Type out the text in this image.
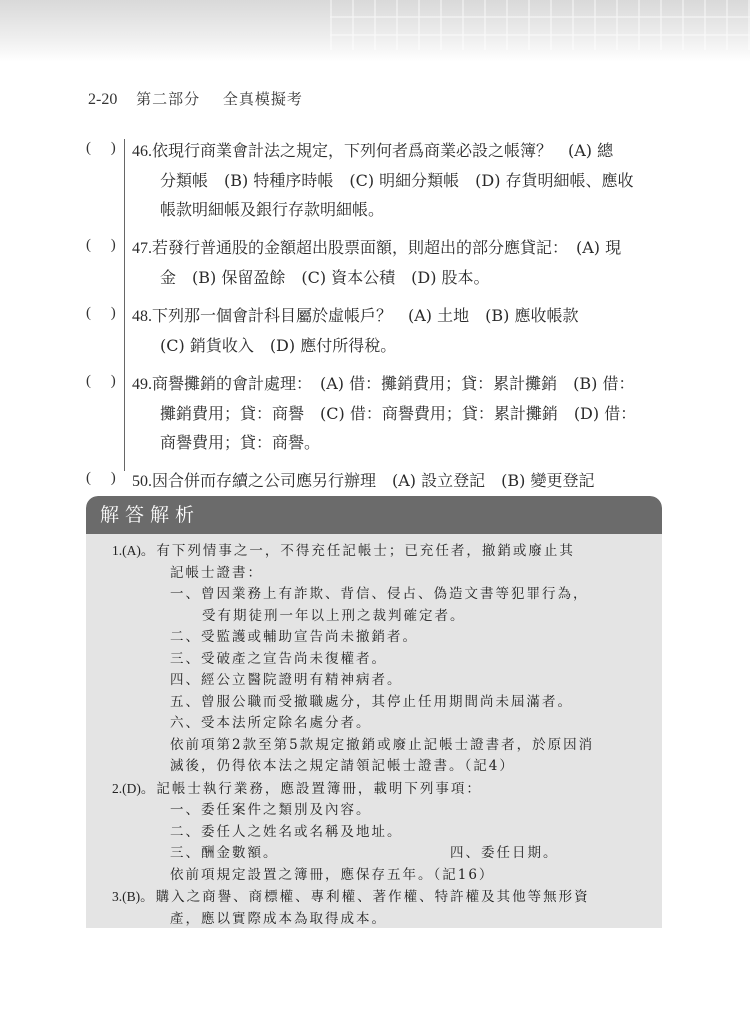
2-20 第二部分 全真模擬考
( ) 46.依現行商業會計法之規定，下列何者爲商業必設之帳簿？　(A) 總
分類帳　(B) 特種序時帳　(C) 明細分類帳　(D) 存貨明細帳、應收
帳款明細帳及銀行存款明細帳。
( ) 47.若發行普通股的金額超出股票面額，則超出的部分應貸記：　(A) 現
金　(B) 保留盈餘　(C) 資本公積　(D) 股本。
( ) 48.下列那一個會計科目屬於虛帳戶？　(A) 土地　(B) 應收帳款
(C) 銷貨收入　(D) 應付所得稅。
( ) 49.商譽攤銷的會計處理：　(A) 借：攤銷費用；貸：累計攤銷　(B) 借：
攤銷費用；貸：商譽　(C) 借：商譽費用；貸：累計攤銷　(D) 借：
商譽費用；貸：商譽。
( ) 50.因合併而存續之公司應另行辦理　(A) 設立登記　(B) 變更登記
解答解析
1.(A)。有下列情事之一，不得充任記帳士；已充任者，撤銷或廢止其
記帳士證書：
一、曾因業務上有詐欺、背信、侵占、偽造文書等犯罪行為，
受有期徒刑一年以上刑之裁判確定者。
二、受監護或輔助宣告尚未撤銷者。
三、受破產之宣告尚未復權者。
四、經公立醫院證明有精神病者。
五、曾服公職而受撤職處分，其停止任用期間尚未屆滿者。
六、受本法所定除名處分者。
依前項第2款至第5款規定撤銷或廢止記帳士證書者，於原因消
滅後，仍得依本法之規定請領記帳士證書。（記4）
2.(D)。記帳士執行業務，應設置簿冊，載明下列事項：
一、委任案件之類別及內容。
二、委任人之姓名或名稱及地址。
三、酬金數額。	四、委任日期。
依前項規定設置之簿冊，應保存五年。（記16）
3.(B)。購入之商譽、商標權、專利權、著作權、特許權及其他等無形資
產，應以實際成本為取得成本。
